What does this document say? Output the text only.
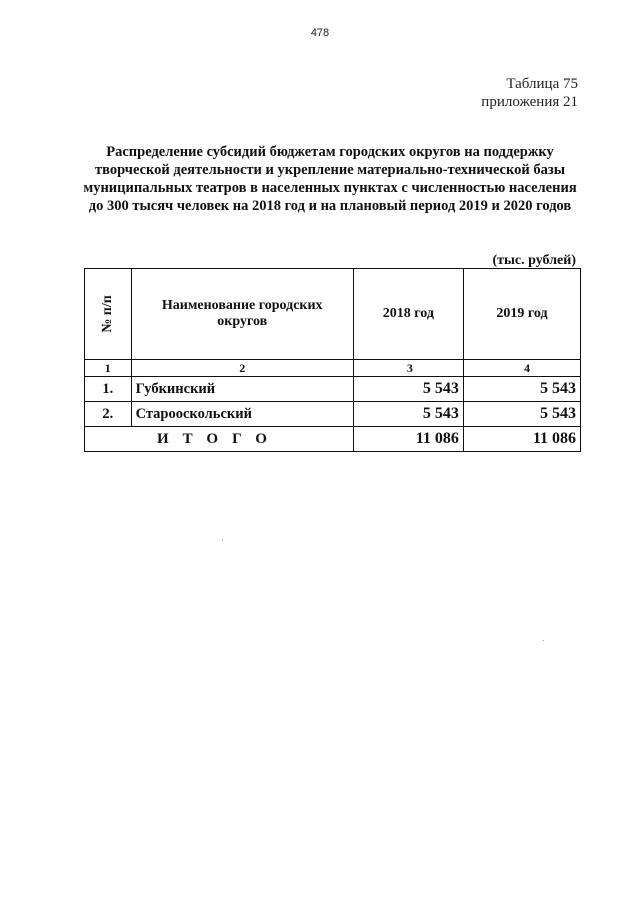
478
Таблица 75
приложения 21
Распределение субсидий бюджетам городских округов на поддержку творческой деятельности и укрепление материально-технической базы муниципальных театров в населенных пунктах с численностью населения до 300 тысяч человек на 2018 год и на плановый период 2019 и 2020 годов
(тыс. рублей)
№ п/п	Наименование городских округов	2018 год	2019 год
1	2	3	4
1.	Губкинский	5 543	5 543
2.	Старооскольский	5 543	5 543
ИТОГО		11 086	11 086
